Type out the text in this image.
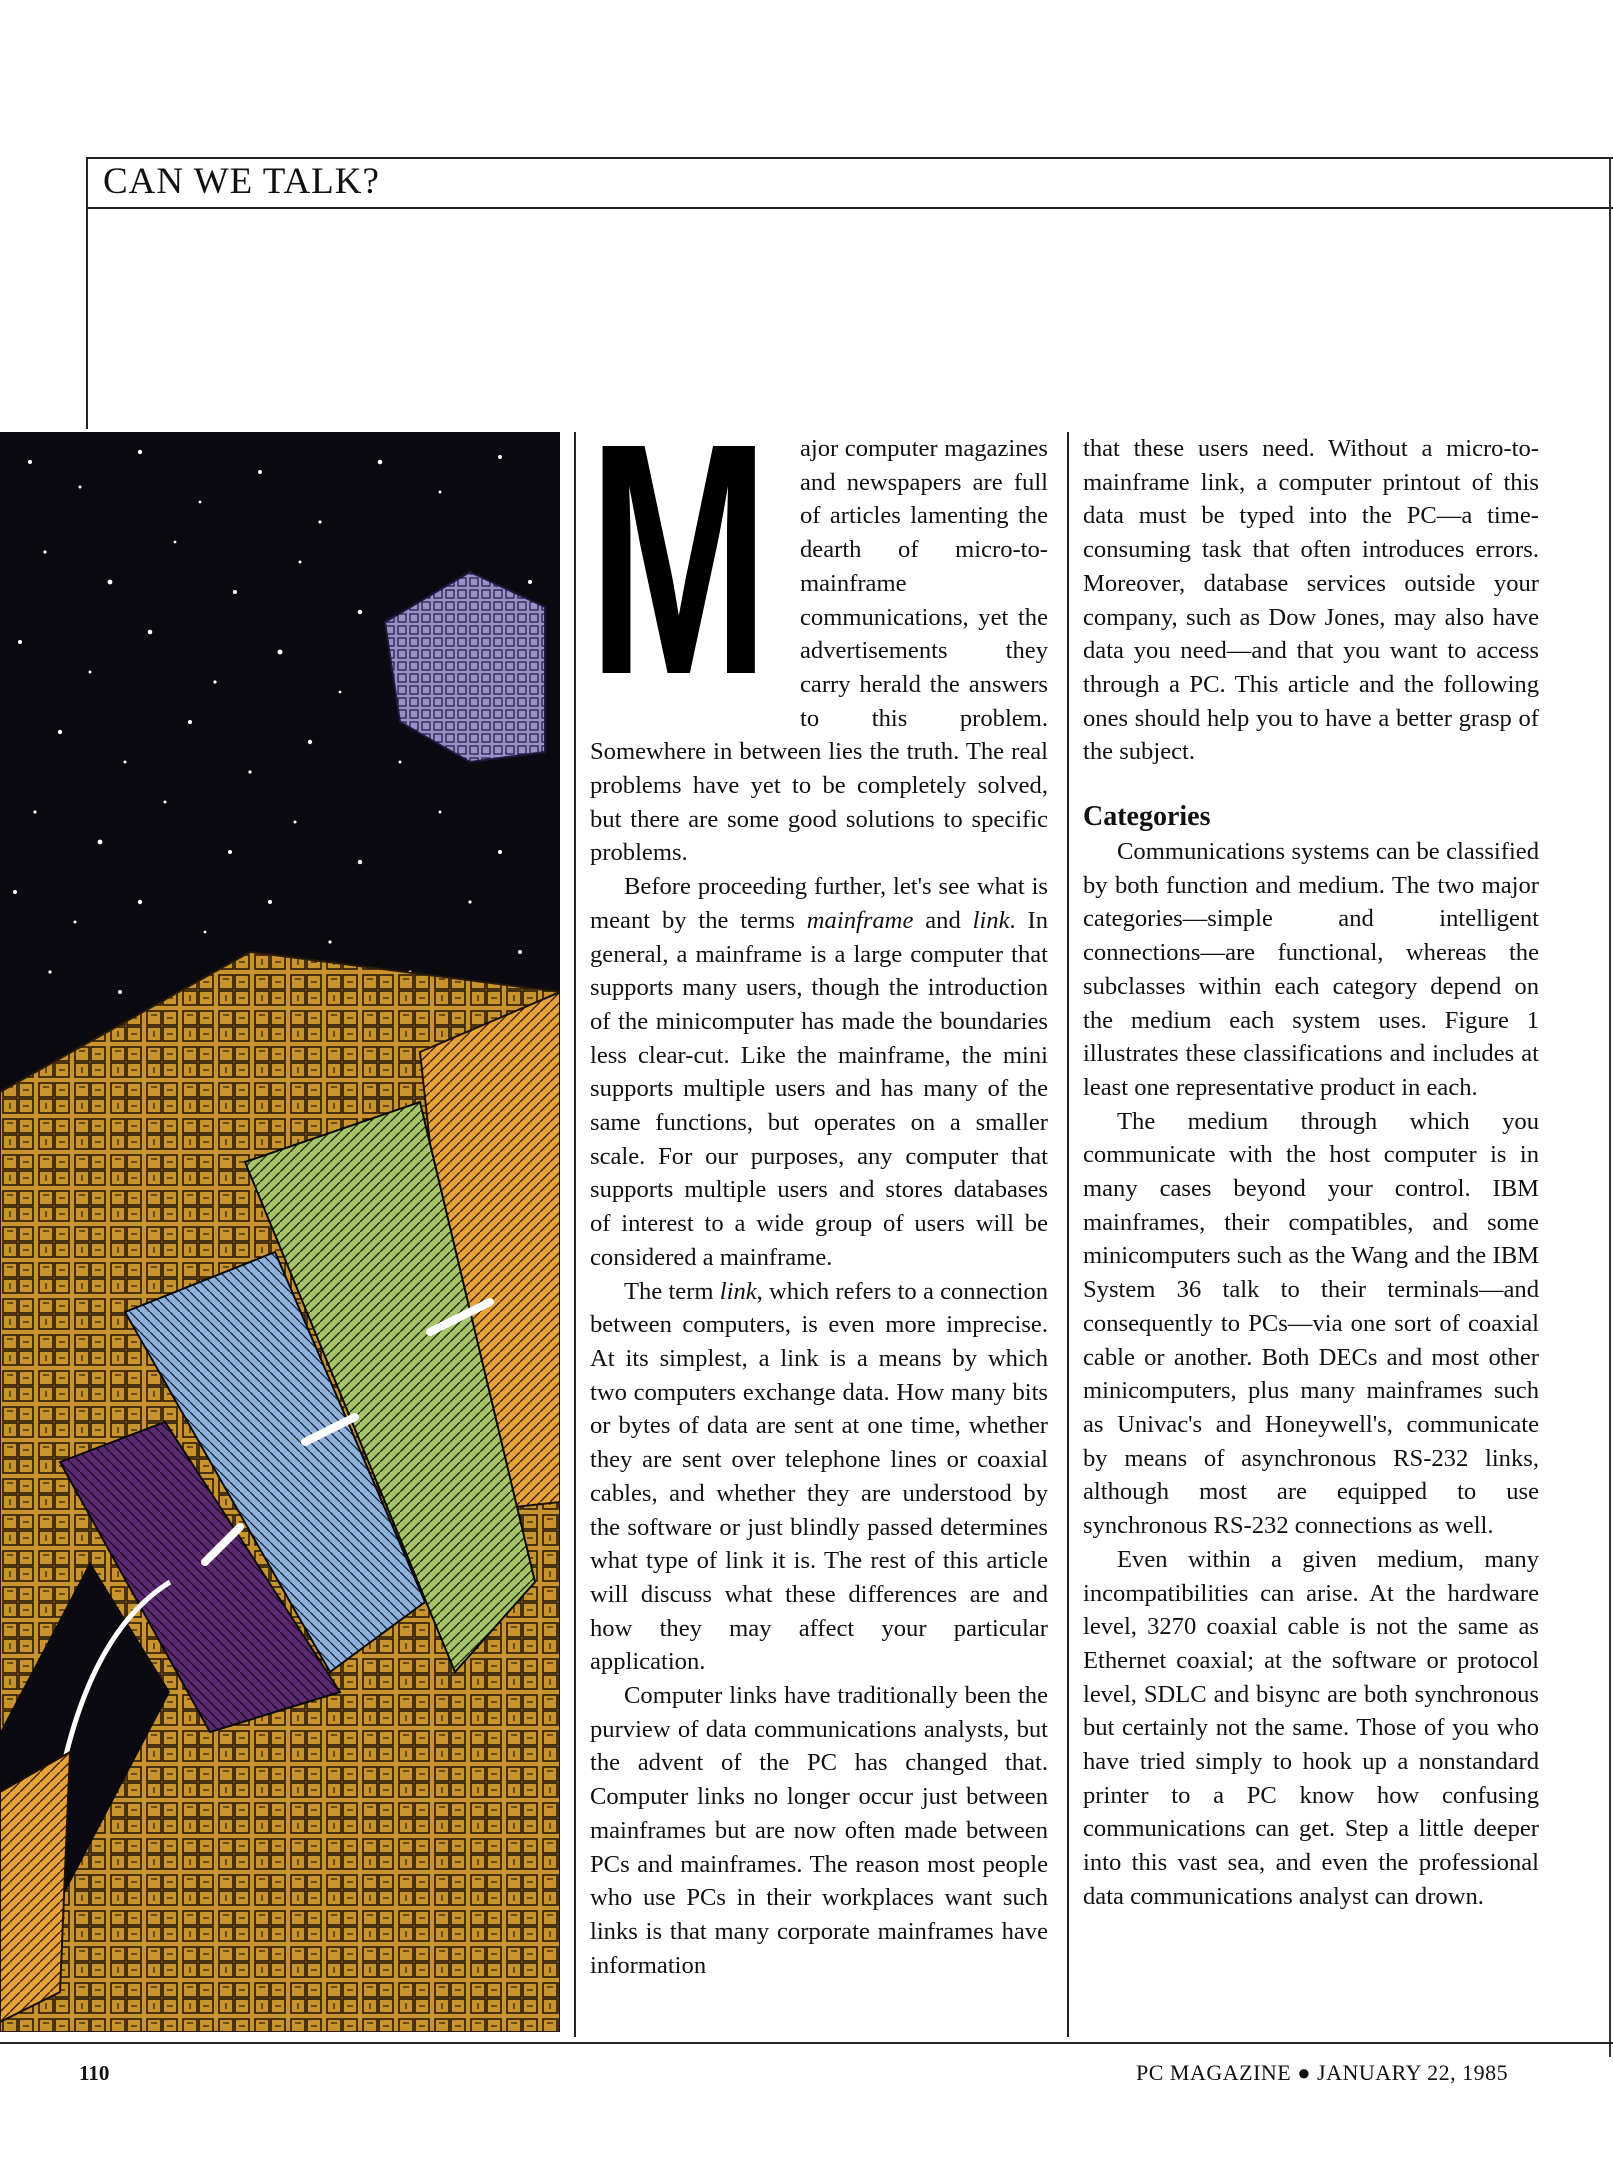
CAN WE TALK?
M	ajor computer magazines and newspapers are full of articles lamenting the dearth of micro-to-mainframe communications, yet the advertisements they carry herald the answers to this problem. Somewhere in between lies the truth. The real problems have yet to be completely solved, but there are some good solutions to specific problems.

Before proceeding further, let's see what is meant by the terms mainframe and link. In general, a mainframe is a large computer that supports many users, though the introduction of the minicomputer has made the boundaries less clear-cut. Like the mainframe, the mini supports multiple users and has many of the same functions, but operates on a smaller scale. For our purposes, any computer that supports multiple users and stores databases of interest to a wide group of users will be considered a mainframe.

The term link, which refers to a connection between computers, is even more imprecise. At its simplest, a link is a means by which two computers exchange data. How many bits or bytes of data are sent at one time, whether they are sent over telephone lines or coaxial cables, and whether they are understood by the software or just blindly passed determines what type of link it is. The rest of this article will discuss what these differences are and how they may affect your particular application.

Computer links have traditionally been the purview of data communications analysts, but the advent of the PC has changed that. Computer links no longer occur just between mainframes but are now often made between PCs and mainframes. The reason most people who use PCs in their workplaces want such links is that many corporate mainframes have information

that these users need. Without a micro-to-mainframe link, a computer printout of this data must be typed into the PC—a time-consuming task that often introduces errors. Moreover, database services outside your company, such as Dow Jones, may also have data you need—and that you want to access through a PC. This article and the following ones should help you to have a better grasp of the subject.

Categories

Communications systems can be classified by both function and medium. The two major categories—simple and intelligent connections—are functional, whereas the subclasses within each category depend on the medium each system uses. Figure 1 illustrates these classifications and includes at least one representative product in each.

The medium through which you communicate with the host computer is in many cases beyond your control. IBM mainframes, their compatibles, and some minicomputers such as the Wang and the IBM System 36 talk to their terminals—and consequently to PCs—via one sort of coaxial cable or another. Both DECs and most other minicomputers, plus many mainframes such as Univac's and Honeywell's, communicate by means of asynchronous RS-232 links, although most are equipped to use synchronous RS-232 connections as well.

Even within a given medium, many incompatibilities can arise. At the hardware level, 3270 coaxial cable is not the same as Ethernet coaxial; at the software or protocol level, SDLC and bisync are both synchronous but certainly not the same. Those of you who have tried simply to hook up a nonstandard printer to a PC know how confusing communications can get. Step a little deeper into this vast sea, and even the professional data communications analyst can drown.

110	PC MAGAZINE ● JANUARY 22, 1985
